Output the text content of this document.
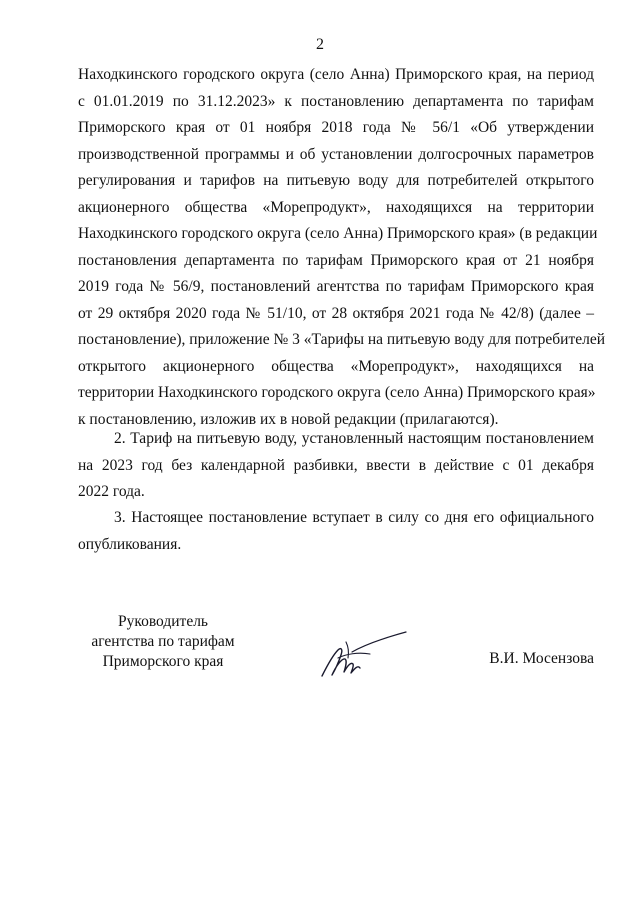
2
Находкинского городского округа (село Анна) Приморского края, на период
с 01.01.2019 по 31.12.2023» к постановлению департамента по тарифам
Приморского края от 01 ноября 2018 года № 56/1 «Об утверждении
производственной программы и об установлении долгосрочных параметров
регулирования и тарифов на питьевую воду для потребителей открытого
акционерного общества «Морепродукт», находящихся на территории
Находкинского городского округа (село Анна) Приморского края» (в редакции
постановления департамента по тарифам Приморского края от 21 ноября
2019 года № 56/9, постановлений агентства по тарифам Приморского края
от 29 октября 2020 года № 51/10, от 28 октября 2021 года № 42/8) (далее –
постановление), приложение № 3 «Тарифы на питьевую воду для потребителей
открытого акционерного общества «Морепродукт», находящихся на
территории Находкинского городского округа (село Анна) Приморского края»
к постановлению, изложив их в новой редакции (прилагаются).
2. Тариф на питьевую воду, установленный настоящим постановлением
на 2023 год без календарной разбивки, ввести в действие с 01 декабря
2022 года.
3. Настоящее постановление вступает в силу со дня его официального
опубликования.
Руководитель
агентства по тарифам
Приморского края	В.И. Мосензова
